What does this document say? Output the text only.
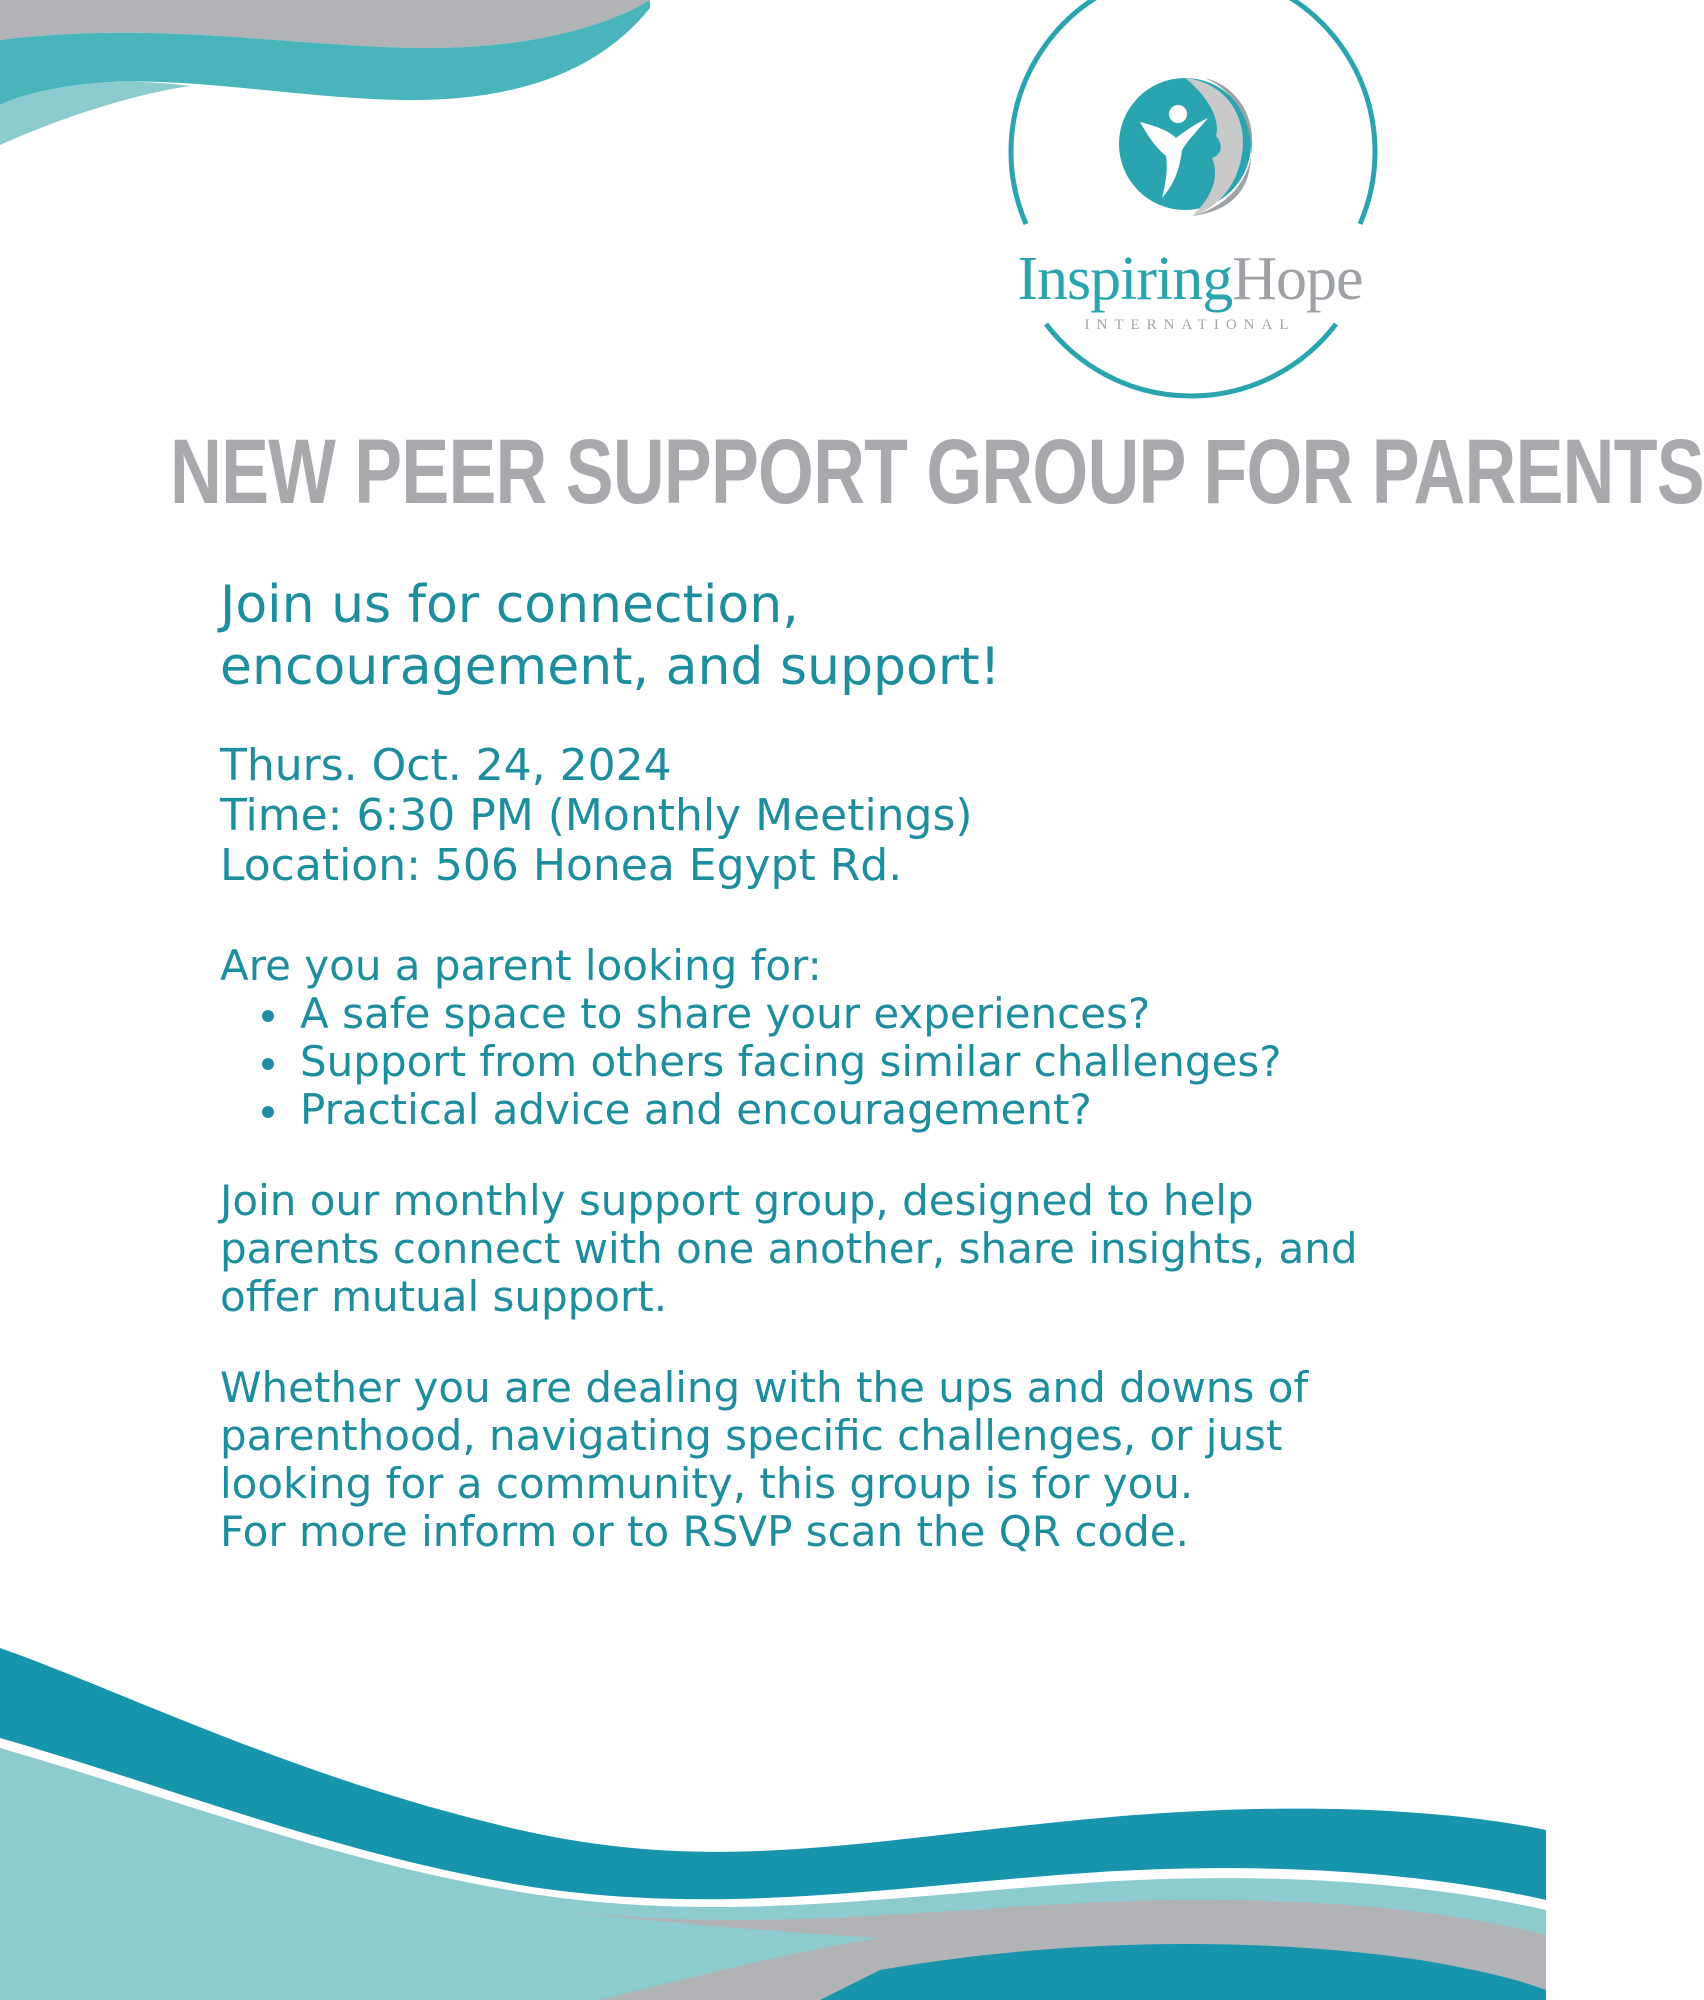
InspiringHope
INTERNATIONAL
NEW PEER SUPPORT GROUP FOR PARENTS

Join us for connection,
encouragement, and support!

Thurs. Oct. 24, 2024
Time: 6:30 PM (Monthly Meetings)
Location: 506 Honea Egypt Rd.
Are you a parent looking for:
A safe space to share your experiences?
Support from others facing similar challenges?
Practical advice and encouragement?

Join our monthly support group, designed to help parents connect with one another, share insights, and offer mutual support.

Whether you are dealing with the ups and downs of parenthood, navigating specific challenges, or just looking for a community, this group is for you.

For more inform or to RSVP scan the QR code.
